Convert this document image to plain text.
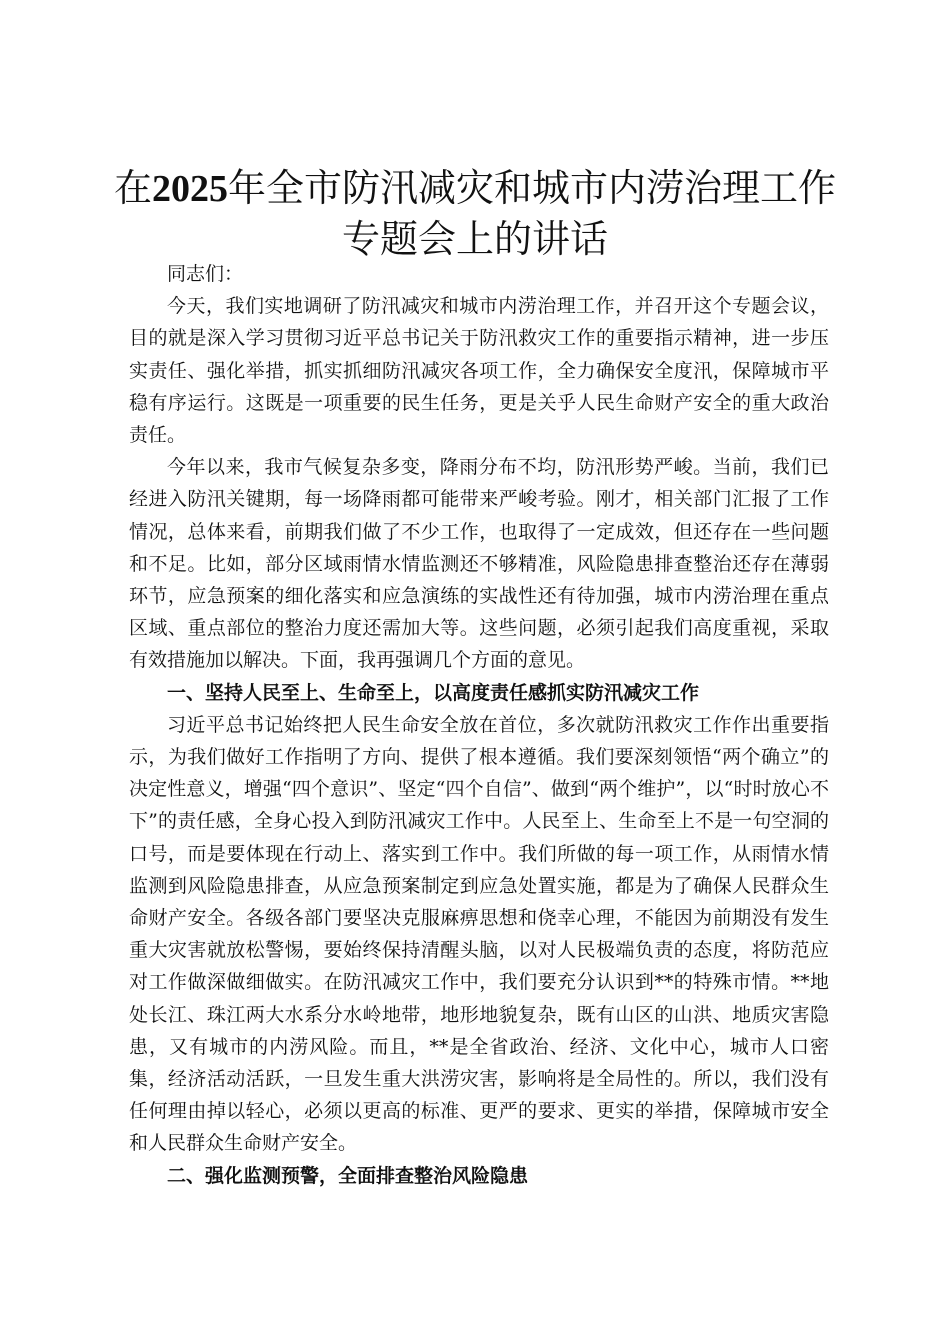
在2025年全市防汛减灾和城市内涝治理工作
专题会上的讲话

同志们：

今天，我们实地调研了防汛减灾和城市内涝治理工作，并召开这个专题会议，目的就是深入学习贯彻习近平总书记关于防汛救灾工作的重要指示精神，进一步压实责任、强化举措，抓实抓细防汛减灾各项工作，全力确保安全度汛，保障城市平稳有序运行。这既是一项重要的民生任务，更是关乎人民生命财产安全的重大政治责任。

今年以来，我市气候复杂多变，降雨分布不均，防汛形势严峻。当前，我们已经进入防汛关键期，每一场降雨都可能带来严峻考验。刚才，相关部门汇报了工作情况，总体来看，前期我们做了不少工作，也取得了一定成效，但还存在一些问题和不足。比如，部分区域雨情水情监测还不够精准，风险隐患排查整治还存在薄弱环节，应急预案的细化落实和应急演练的实战性还有待加强，城市内涝治理在重点区域、重点部位的整治力度还需加大等。这些问题，必须引起我们高度重视，采取有效措施加以解决。下面，我再强调几个方面的意见。

一、坚持人民至上、生命至上，以高度责任感抓实防汛减灾工作

习近平总书记始终把人民生命安全放在首位，多次就防汛救灾工作作出重要指示，为我们做好工作指明了方向、提供了根本遵循。我们要深刻领悟“两个确立”的决定性意义，增强“四个意识”、坚定“四个自信”、做到“两个维护”，以“时时放心不下”的责任感，全身心投入到防汛减灾工作中。人民至上、生命至上不是一句空洞的口号，而是要体现在行动上、落实到工作中。我们所做的每一项工作，从雨情水情监测到风险隐患排查，从应急预案制定到应急处置实施，都是为了确保人民群众生命财产安全。各级各部门要坚决克服麻痹思想和侥幸心理，不能因为前期没有发生重大灾害就放松警惕，要始终保持清醒头脑，以对人民极端负责的态度，将防范应对工作做深做细做实。在防汛减灾工作中，我们要充分认识到**的特殊市情。**地处长江、珠江两大水系分水岭地带，地形地貌复杂，既有山区的山洪、地质灾害隐患，又有城市的内涝风险。而且，**是全省政治、经济、文化中心，城市人口密集，经济活动活跃，一旦发生重大洪涝灾害，影响将是全局性的。所以，我们没有任何理由掉以轻心，必须以更高的标准、更严的要求、更实的举措，保障城市安全和人民群众生命财产安全。

二、强化监测预警，全面排查整治风险隐患
